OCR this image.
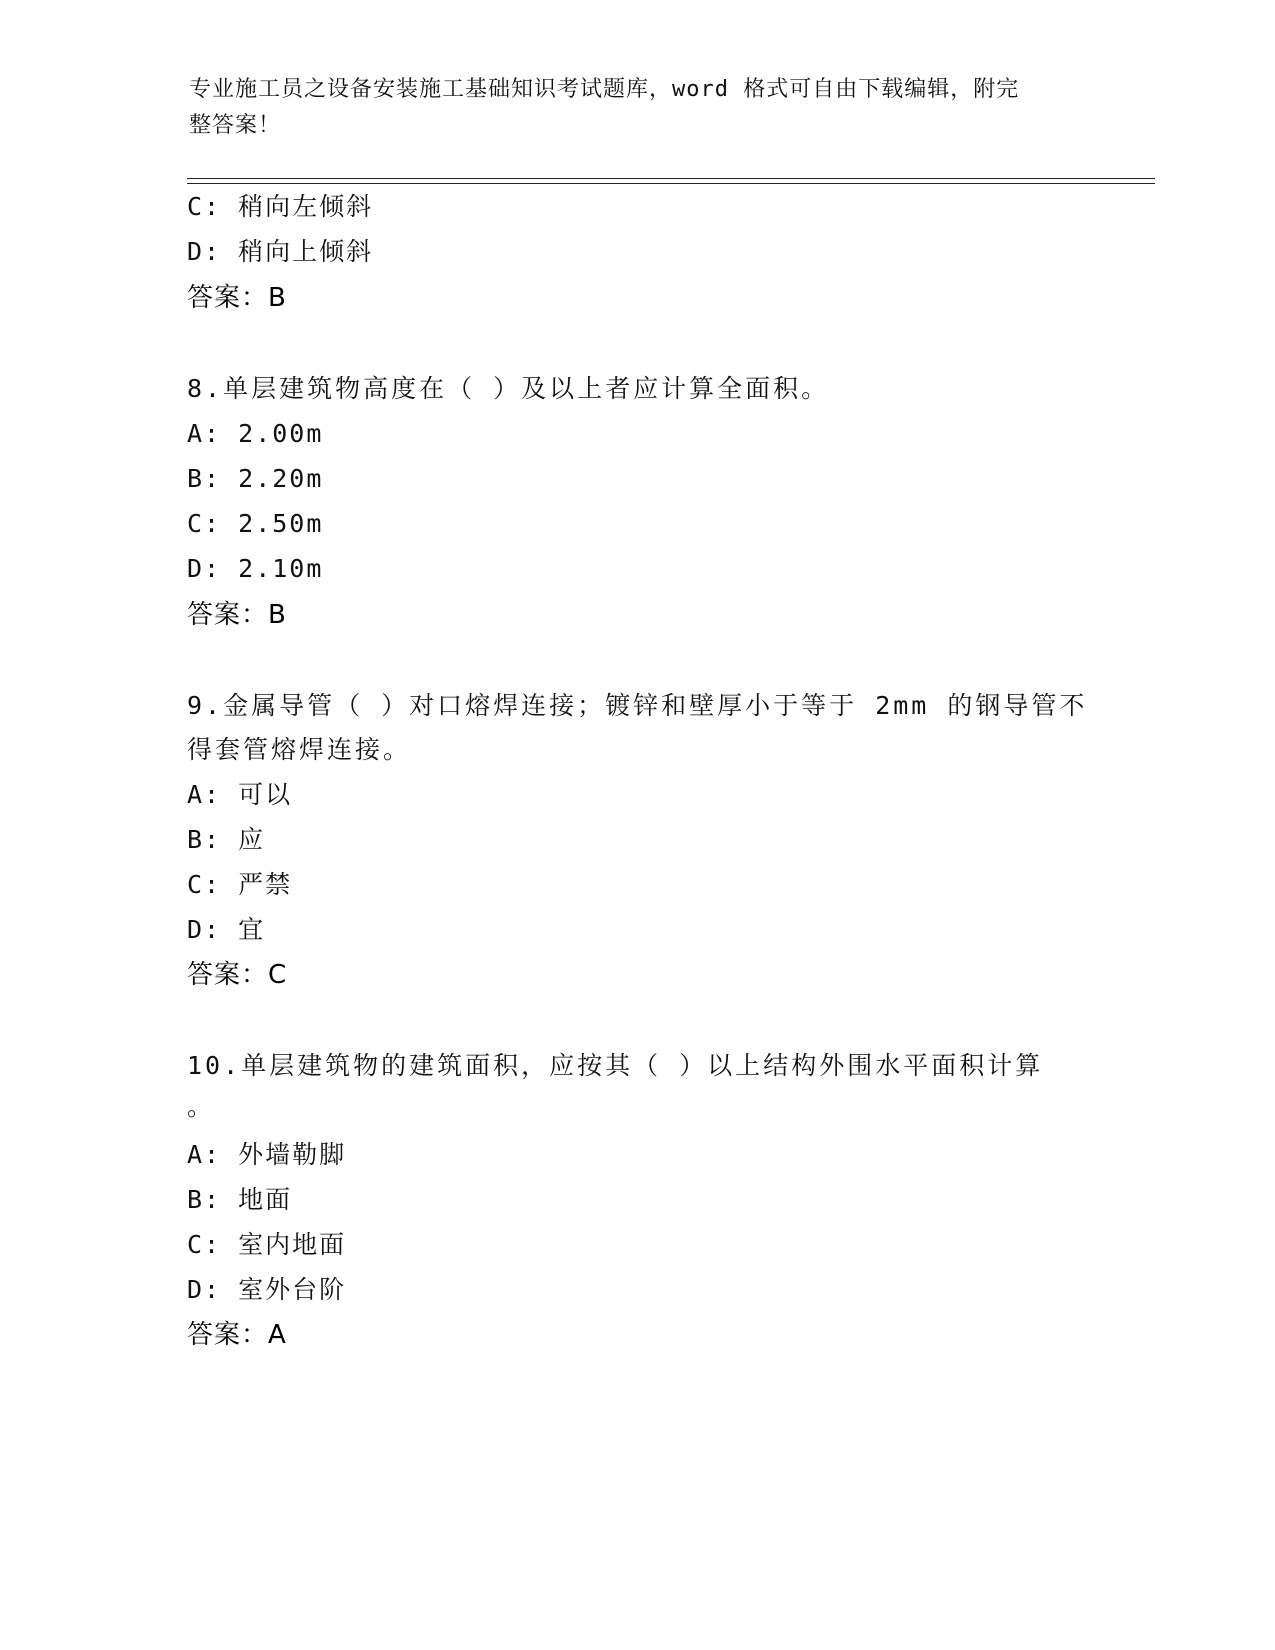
专业施工员之设备安装施工基础知识考试题库，word 格式可自由下载编辑，附完
整答案！
C: 稍向左倾斜
D: 稍向上倾斜
答案：B
8.单层建筑物高度在（ ）及以上者应计算全面积。
A: 2.00m
B: 2.20m
C: 2.50m
D: 2.10m
答案：B
9.金属导管（ ）对口熔焊连接；镀锌和壁厚小于等于 2mm 的钢导管不
得套管熔焊连接。
A: 可以
B: 应
C: 严禁
D: 宜
答案：C
10.单层建筑物的建筑面积，应按其（ ）以上结构外围水平面积计算
。
A: 外墙勒脚
B: 地面
C: 室内地面
D: 室外台阶
答案：A
